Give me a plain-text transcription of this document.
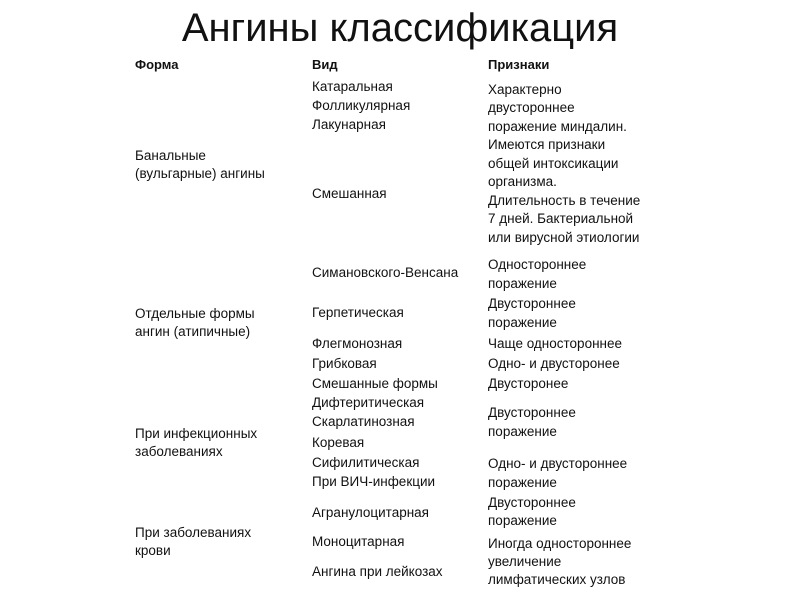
Ангины классификация
Форма	Вид	Признаки
Банальные
(вульгарные) ангины
Отдельные формы
ангин (атипичные)
При инфекционных
заболеваниях
При заболеваниях
крови
Катаральная
Фолликулярная
Лакунарная
Смешанная
Симановского-Венсана
Герпетическая
Флегмонозная
Грибковая
Смешанные формы
Дифтеритическая
Скарлатинозная
Коревая
Сифилитическая
При ВИЧ-инфекции
Агранулоцитарная
Моноцитарная
Ангина при лейкозах
Характерно
двустороннее
поражение миндалин.
Имеются признаки
общей интоксикации
организма.
Длительность в течение
7 дней. Бактериальной
или вирусной этиологии
Одностороннее
поражение
Двустороннее
поражение
Чаще одностороннее
Одно- и двусторонее
Двусторонее
Двустороннее
поражение
Одно- и двустороннее
поражение
Двустороннее
поражение
Иногда одностороннее
увеличение
лимфатических узлов
